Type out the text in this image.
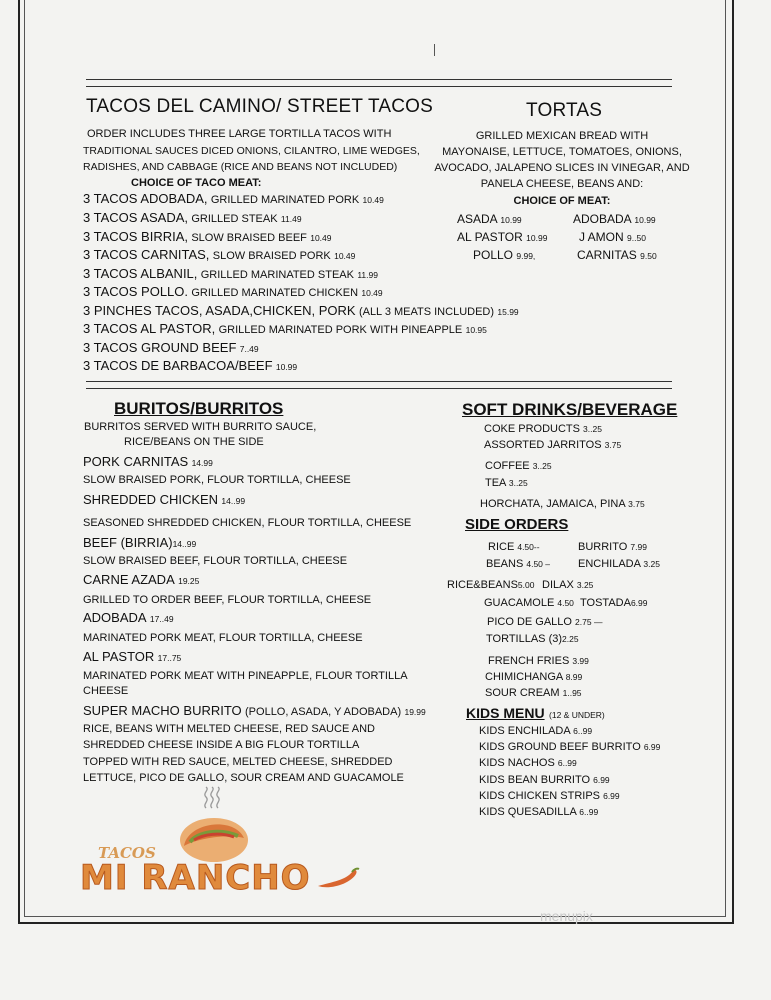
TACOS DEL CAMINO/ STREET TACOS
ORDER INCLUDES THREE LARGE TORTILLA TACOS WITH
TRADITIONAL SAUCES DICED ONIONS, CILANTRO, LIME WEDGES,
RADISHES, AND CABBAGE (RICE AND BEANS NOT INCLUDED)
CHOICE OF TACO MEAT:
3 TACOS ADOBADA, GRILLED MARINATED PORK 10.49
3 TACOS ASADA, GRILLED STEAK 11.49
3 TACOS BIRRIA, SLOW BRAISED BEEF 10.49
3 TACOS CARNITAS, SLOW BRAISED PORK 10.49
3 TACOS ALBANIL, GRILLED MARINATED STEAK 11.99
3 TACOS POLLO. GRILLED MARINATED CHICKEN 10.49
3 PINCHES TACOS, ASADA,CHICKEN, PORK (ALL 3 MEATS INCLUDED) 15.99
3 TACOS AL PASTOR, GRILLED MARINATED PORK WITH PINEAPPLE 10.95
3 TACOS GROUND BEEF 7..49
3 TACOS DE BARBACOA/BEEF 10.99
TORTAS
GRILLED MEXICAN BREAD WITH
MAYONAISE, LETTUCE, TOMATOES, ONIONS,
AVOCADO, JALAPENO SLICES IN VINEGAR, AND
PANELA CHEESE, BEANS AND:
CHOICE OF MEAT:
ASADA 10.99	ADOBADA 10.99
AL PASTOR 10.99	J AMON 9..50
POLLO 9.99,	CARNITAS 9.50
BURITOS/BURRITOS
BURRITOS SERVED WITH BURRITO SAUCE,
RICE/BEANS ON THE SIDE
PORK CARNITAS 14.99
SLOW BRAISED PORK, FLOUR TORTILLA, CHEESE
SHREDDED CHICKEN 14..99
SEASONED SHREDDED CHICKEN, FLOUR TORTILLA, CHEESE
BEEF (BIRRIA)14..99
SLOW BRAISED BEEF, FLOUR TORTILLA, CHEESE
CARNE AZADA 19.25
GRILLED TO ORDER BEEF, FLOUR TORTILLA, CHEESE
ADOBADA 17..49
MARINATED PORK MEAT, FLOUR TORTILLA, CHEESE
AL PASTOR 17..75
MARINATED PORK MEAT WITH PINEAPPLE, FLOUR TORTILLA
CHEESE
SUPER MACHO BURRITO (POLLO, ASADA, Y ADOBADA) 19.99
RICE, BEANS WITH MELTED CHEESE, RED SAUCE AND
SHREDDED CHEESE INSIDE A BIG FLOUR TORTILLA
TOPPED WITH RED SAUCE, MELTED CHEESE, SHREDDED
LETTUCE, PICO DE GALLO, SOUR CREAM AND GUACAMOLE
SOFT DRINKS/BEVERAGE
COKE PRODUCTS 3..25
ASSORTED JARRITOS 3.75
COFFEE 3..25
TEA 3..25
HORCHATA, JAMAICA, PINA 3.75
SIDE ORDERS
RICE 4.50--	BURRITO 7.99
BEANS 4.50 –	ENCHILADA 3.25
RICE&BEANS5.00 DILAX 3.25
GUACAMOLE 4.50 TOSTADA6.99
PICO DE GALLO 2.75 —
TORTILLAS (3)2.25
FRENCH FRIES 3.99
CHIMICHANGA 8.99
SOUR CREAM 1..95
KIDS MENU (12 & UNDER)
KIDS ENCHILADA 6..99
KIDS GROUND BEEF BURRITO 6.99
KIDS NACHOS 6..99
KIDS BEAN BURRITO 6.99
KIDS CHICKEN STRIPS 6.99
KIDS QUESADILLA 6..99
TACOS
MI RANCHO
menupix
